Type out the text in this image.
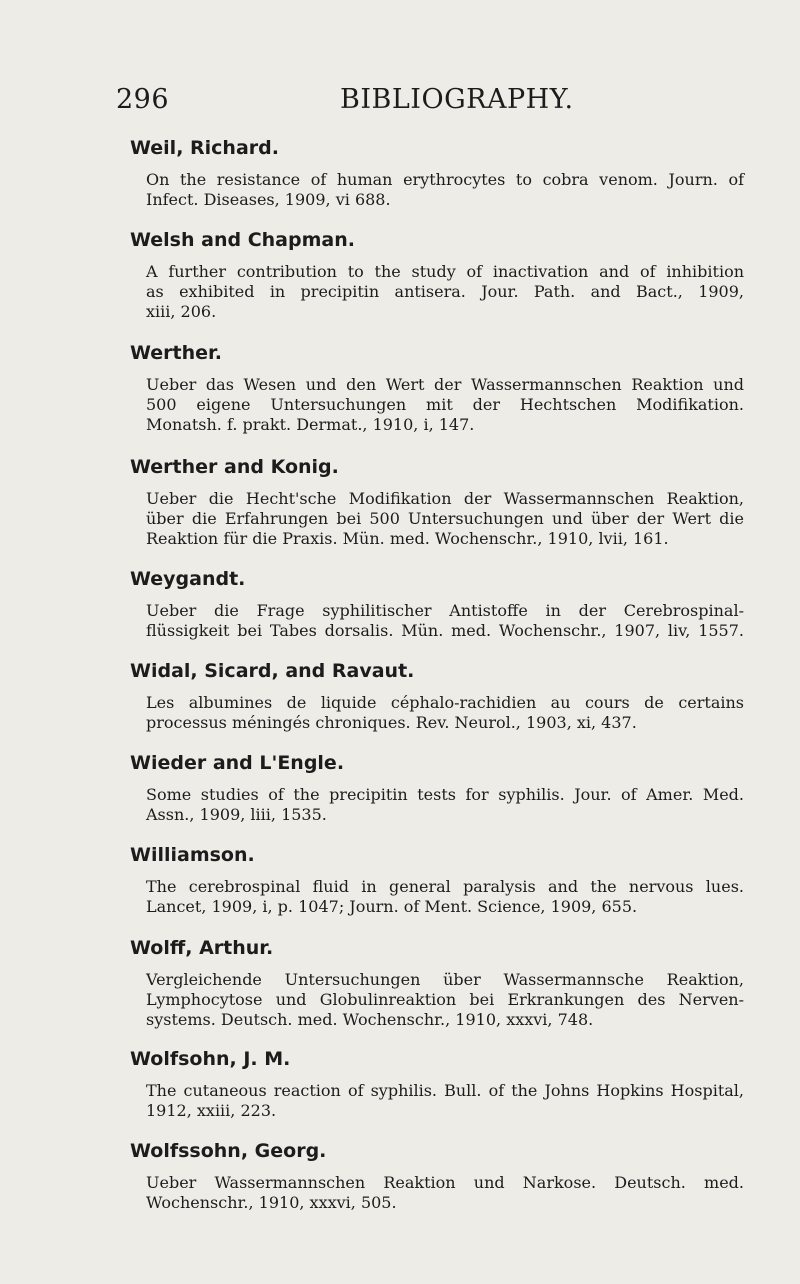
296	BIBLIOGRAPHY.
Weil, Richard.
On the resistance of human erythrocytes to cobra venom. Journ. of
Infect. Diseases, 1909, vi 688.
Welsh and Chapman.
A further contribution to the study of inactivation and of inhibition
as exhibited in precipitin antisera. Jour. Path. and Bact., 1909,
xiii, 206.
Werther.
Ueber das Wesen und den Wert der Wassermannschen Reaktion und
500 eigene Untersuchungen mit der Hechtschen Modifikation.
Monatsh. f. prakt. Dermat., 1910, i, 147.
Werther and Konig.
Ueber die Hecht'sche Modifikation der Wassermannschen Reaktion,
über die Erfahrungen bei 500 Untersuchungen und über der Wert die
Reaktion für die Praxis. Mün. med. Wochenschr., 1910, lvii, 161.
Weygandt.
Ueber die Frage syphilitischer Antistoffe in der Cerebrospinal-
flüssigkeit bei Tabes dorsalis. Mün. med. Wochenschr., 1907, liv, 1557.
Widal, Sicard, and Ravaut.
Les albumines de liquide céphalo-rachidien au cours de certains
processus méningés chroniques. Rev. Neurol., 1903, xi, 437.
Wieder and L'Engle.
Some studies of the precipitin tests for syphilis. Jour. of Amer. Med.
Assn., 1909, liii, 1535.
Williamson.
The cerebrospinal fluid in general paralysis and the nervous lues.
Lancet, 1909, i, p. 1047; Journ. of Ment. Science, 1909, 655.
Wolff, Arthur.
Vergleichende Untersuchungen über Wassermannsche Reaktion,
Lymphocytose und Globulinreaktion bei Erkrankungen des Nerven-
systems. Deutsch. med. Wochenschr., 1910, xxxvi, 748.
Wolfsohn, J. M.
The cutaneous reaction of syphilis. Bull. of the Johns Hopkins Hospital,
1912, xxiii, 223.
Wolfssohn, Georg.
Ueber Wassermannschen Reaktion und Narkose. Deutsch. med.
Wochenschr., 1910, xxxvi, 505.
